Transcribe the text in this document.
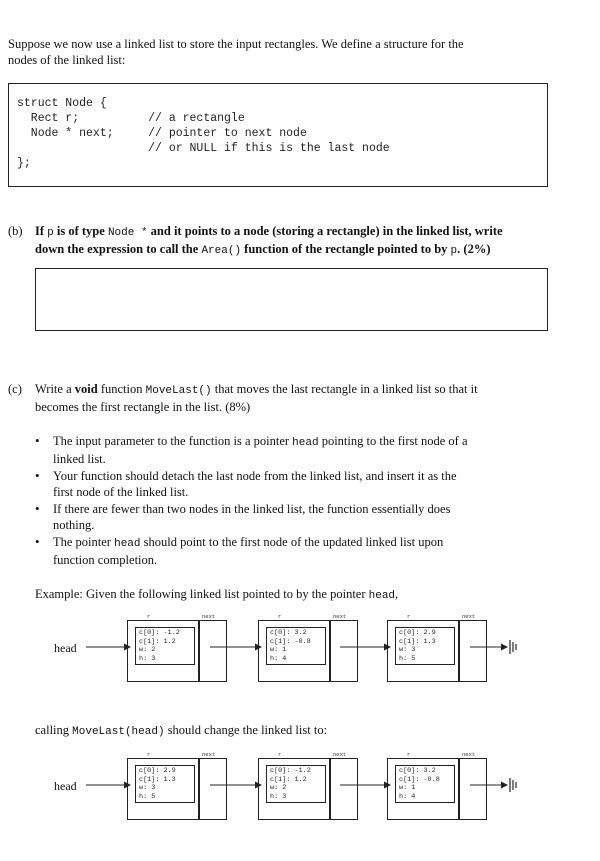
Suppose we now use a linked list to store the input rectangles. We define a structure for the

nodes of the linked list:

struct Node {
Rect r;          // a rectangle
Node * next;     // pointer to next node
// or NULL if this is the last node
};
(b) If p is of type Node * and it points to a node (storing a rectangle) in the linked list, write

down the expression to call the Area() function of the rectangle pointed to by p. (2%)

(c) Write a void function MoveLast() that moves the last rectangle in a linked list so that it

becomes the first rectangle in the list. (8%)

• The input parameter to the function is a pointer head pointing to the first node of a

linked list.

• Your function should detach the last node from the linked list, and insert it as the

first node of the linked list.

• If there are fewer than two nodes in the linked list, the function essentially does

nothing.

• The pointer head should point to the first node of the updated linked list upon

function completion.

Example: Given the following linked list pointed to by the pointer head,
head
r	next
c[0]: -1.2
c[1]: 1.2
w: 2
h: 3
r	next
c[0]: 3.2
c[1]: -0.8
w: 1
h: 4
r	next
c[0]: 2.9
c[1]: 1.3
w: 3
h: 5
calling MoveLast(head) should change the linked list to:
head
r	next
c[0]: 2.9
c[1]: 1.3
w: 3
h: 5
r	next
c[0]: -1.2
c[1]: 1.2
w: 2
h: 3
r	next
c[0]: 3.2
c[1]: -0.8
w: 1
h: 4
